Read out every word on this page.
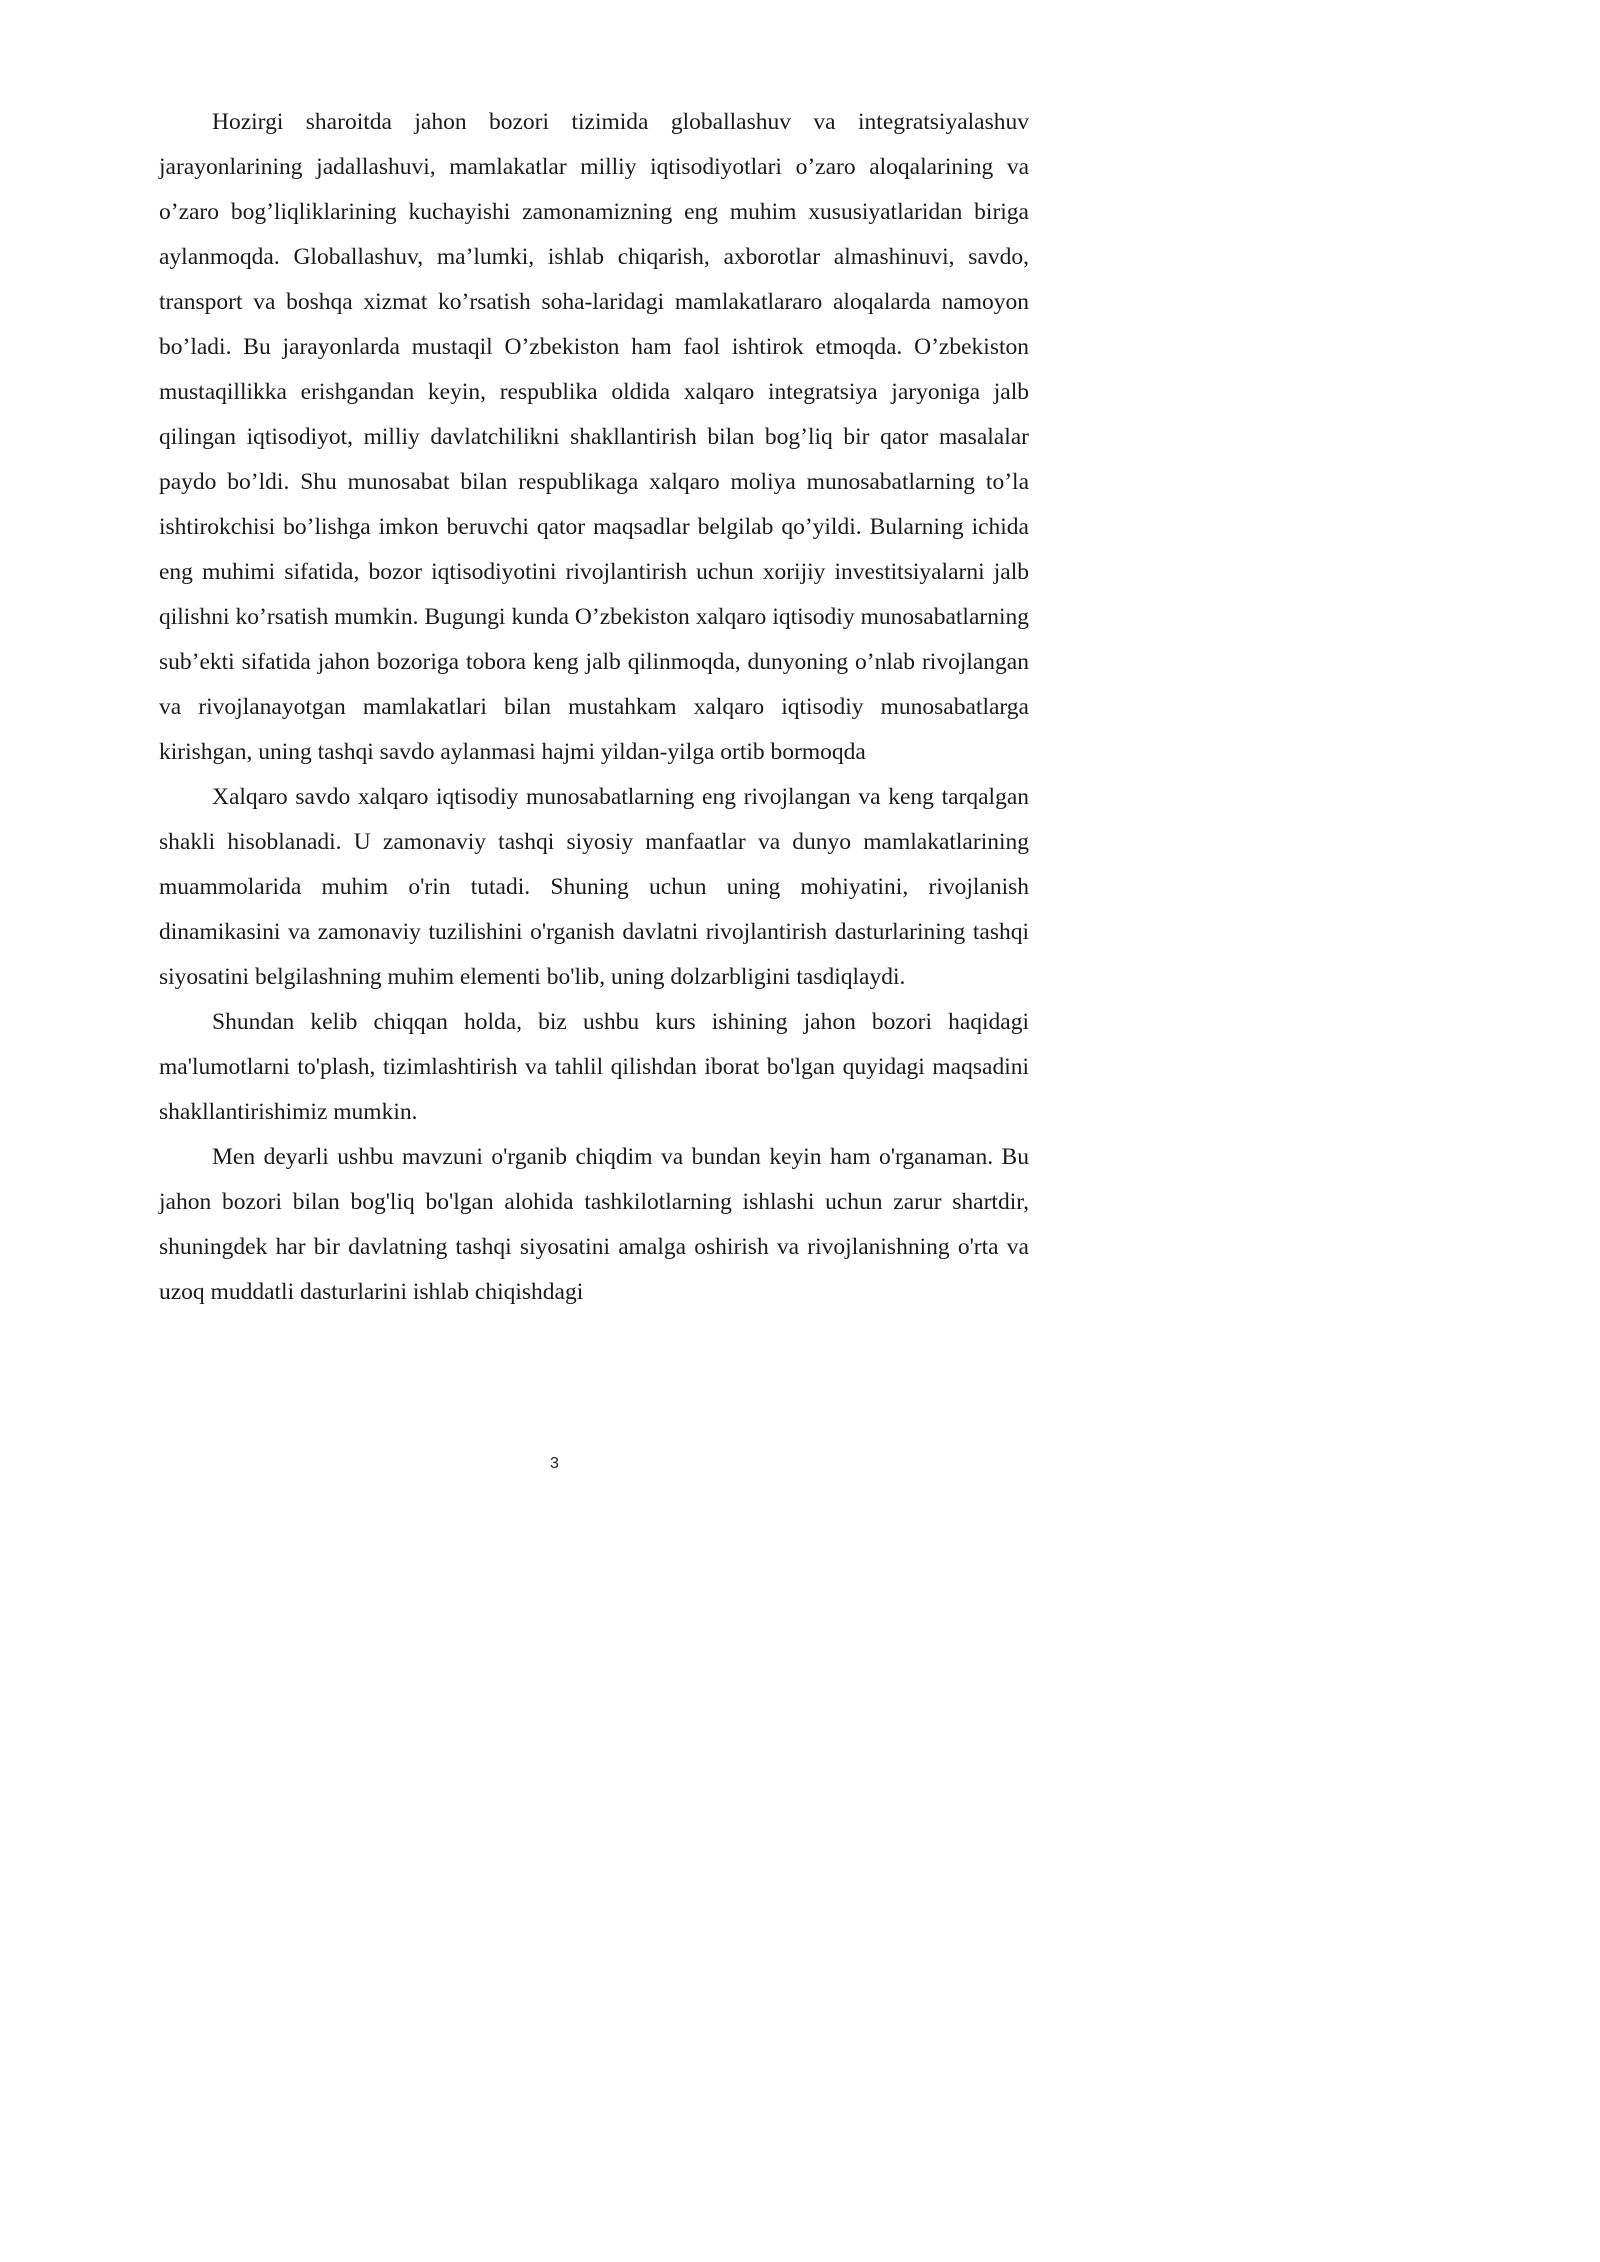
Hozirgi sharoitda jahon bozori tizimida globallashuv va integratsiyalashuv jarayonlarining jadallashuvi, mamlakatlar milliy iqtisodiyotlari o’zaro aloqalarining va o’zaro bog’liqliklarining kuchayishi zamonamizning eng muhim xususiyatlaridan biriga aylanmoqda. Globallashuv, ma’lumki, ishlab chiqarish, axborotlar almashinuvi, savdo, transport va boshqa xizmat ko’rsatish soha-laridagi mamlakatlararo aloqalarda namoyon bo’ladi. Bu jarayonlarda mustaqil O’zbekiston ham faol ishtirok etmoqda. O’zbekiston mustaqillikka erishgandan keyin, respublika oldida xalqaro integratsiya jaryoniga jalb qilingan iqtisodiyot, milliy davlatchilikni shakllantirish bilan bog’liq bir qator masalalar paydo bo’ldi. Shu munosabat bilan respublikaga xalqaro moliya munosabatlarning to’la ishtirokchisi bo’lishga imkon beruvchi qator maqsadlar belgilab qo’yildi. Bularning ichida eng muhimi sifatida, bozor iqtisodiyotini rivojlantirish uchun xorijiy investitsiyalarni jalb qilishni ko’rsatish mumkin. Bugungi kunda O’zbekiston xalqaro iqtisodiy munosabatlarning sub’ekti sifatida jahon bozoriga tobora keng jalb qilinmoqda, dunyoning o’nlab rivojlangan va rivojlanayotgan mamlakatlari bilan mustahkam xalqaro iqtisodiy munosabatlarga kirishgan, uning tashqi savdo aylanmasi hajmi yildan-yilga ortib bormoqda

Xalqaro savdo xalqaro iqtisodiy munosabatlarning eng rivojlangan va keng tarqalgan shakli hisoblanadi. U zamonaviy tashqi siyosiy manfaatlar va dunyo mamlakatlarining muammolarida muhim o'rin tutadi. Shuning uchun uning mohiyatini, rivojlanish dinamikasini va zamonaviy tuzilishini o'rganish davlatni rivojlantirish dasturlarining tashqi siyosatini belgilashning muhim elementi bo'lib, uning dolzarbligini tasdiqlaydi.

Shundan kelib chiqqan holda, biz ushbu kurs ishining jahon bozori haqidagi ma'lumotlarni to'plash, tizimlashtirish va tahlil qilishdan iborat bo'lgan quyidagi maqsadini shakllantirishimiz mumkin.

Men deyarli ushbu mavzuni o'rganib chiqdim va bundan keyin ham o'rganaman. Bu jahon bozori bilan bog'liq bo'lgan alohida tashkilotlarning ishlashi uchun zarur shartdir, shuningdek har bir davlatning tashqi siyosatini amalga oshirish va rivojlanishning o'rta va uzoq muddatli dasturlarini ishlab chiqishdagi

3
